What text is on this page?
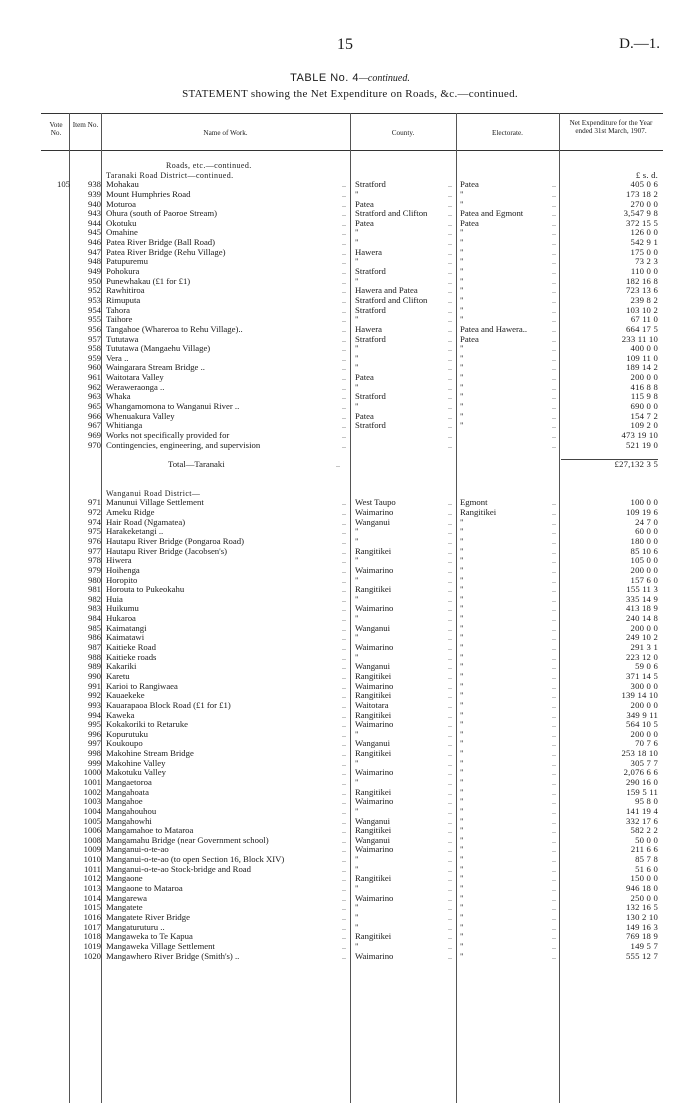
15	D.—1.
TABLE No. 4—continued.
STATEMENT showing the Net Expenditure on Roads, &c.—continued.
Vote No.
Item No.
Name of Work.	County.	Electorate.
Net Expenditure for the Year ended 31st March, 1907.
Roads, etc.—continued.
Taranaki Road District—continued.	£ s. d.
105	938 Mohakau	.. Stratford	.. Patea	..	405 0 6
939 Mount Humphries Road	.. "	.. "	..	173 18 2
940 Moturoa	.. Patea	.. "	..	270 0 0
943 Ohura (south of Paoroe Stream)	.. Stratford and Clifton	.. Patea and Egmont	..	3,547 9 8
944 Okotuku	.. Patea	.. Patea	..	372 15 5
945 Omahine	.. "	.. "	..	126 0 0
946 Patea River Bridge (Ball Road)	.. "	.. "	..	542 9 1
947 Patea River Bridge (Rehu Village)	.. Hawera	.. "	..	175 0 0
948 Patupuremu	.. "	.. "	..	73 2 3
949 Pohokura	.. Stratford	.. "	..	110 0 0
950 Punewhakau (£1 for £1)	.. "	.. "	..	182 16 8
952 Rawhitiroa	.. Hawera and Patea	.. "	..	723 13 6
953 Rimuputa	.. Stratford and Clifton	.. "	..	239 8 2
954 Tahora	.. Stratford	.. "	..	103 10 2
955 Taihore	.. "	.. "	..	67 11 0
956 Tangahoe (Whareroa to Rehu Village)..	.. Hawera	.. Patea and Hawera..	..	664 17 5
957 Tututawa	.. Stratford	.. Patea	..	233 11 10
958 Tututawa (Mangaehu Village)	.. "	.. "	..	400 0 0
959 Vera ..	.. "	.. "	..	109 11 0
960 Waingarara Stream Bridge ..	.. "	.. "	..	189 14 2
961 Waitotara Valley	.. Patea	.. "	..	200 0 0
962 Weraweraonga ..	.. "	.. "	..	416 8 8
963 Whaka	.. Stratford	.. "	..	115 9 8
965 Whangamomona to Wanganui River ..	.. "	.. "	..	690 0 0
966 Whenuakura Valley	.. Patea	.. "	..	154 7 2
967 Whitianga	.. Stratford	.. "	..	109 2 0
969 Works not specifically provided for	..	..	..	473 19 10
970 Contingencies, engineering, and supervision	..	..	..	521 19 0
Total—Taranaki	..	£27,132 3 5
Wanganui Road District—
971 Manunui Village Settlement	.. West Taupo	.. Egmont	..	100 0 0
972 Ameku Ridge	.. Waimarino	.. Rangitikei	..	109 19 6
974 Hair Road (Ngamatea)	.. Wanganui	.. "	..	24 7 0
975 Harakeketangi ..	.. "	.. "	..	60 0 0
976 Hautapu River Bridge (Pongaroa Road)	.. "	.. "	..	180 0 0
977 Hautapu River Bridge (Jacobsen's)	.. Rangitikei	.. "	..	85 10 6
978 Hiwera	.. "	.. "	..	105 0 0
979 Hoihenga	.. Waimarino	.. "	..	200 0 0
980 Horopito	.. "	.. "	..	157 6 0
981 Horouta to Pukeokahu	.. Rangitikei	.. "	..	155 11 3
982 Huia	.. "	.. "	..	335 14 9
983 Huikumu	.. Waimarino	.. "	..	413 18 9
984 Hukaroa	.. "	.. "	..	240 14 8
985 Kaimatangi	.. Wanganui	.. "	..	200 0 0
986 Kaimatawi	.. "	.. "	..	249 10 2
987 Kaitieke Road	.. Waimarino	.. "	..	291 3 1
988 Kaitieke roads	.. "	.. "	..	223 12 0
989 Kakariki	.. Wanganui	.. "	..	59 0 6
990 Karetu	.. Rangitikei	.. "	..	371 14 5
991 Karioi to Rangiwaea	.. Waimarino	.. "	..	300 0 0
992 Kauaekeke	.. Rangitikei	.. "	..	139 14 10
993 Kauarapaoa Block Road (£1 for £1)	.. Waitotara	.. "	..	200 0 0
994 Kaweka	.. Rangitikei	.. "	..	349 9 11
995 Kokakoriki to Retaruke	.. Waimarino	.. "	..	564 10 5
996 Kopurutuku	.. "	.. "	..	200 0 0
997 Koukoupo	.. Wanganui	.. "	..	70 7 6
998 Makohine Stream Bridge	.. Rangitikei	.. "	..	253 18 10
999 Makohine Valley	.. "	.. "	..	305 7 7
1000 Makotuku Valley	.. Waimarino	.. "	..	2,076 6 6
1001 Mangaetoroa	.. "	.. "	..	290 16 0
1002 Mangahoata	.. Rangitikei	.. "	..	159 5 11
1003 Mangahoe	.. Waimarino	.. "	..	95 8 0
1004 Mangahouhou	.. "	.. "	..	141 19 4
1005 Mangahowhi	.. Wanganui	.. "	..	332 17 6
1006 Mangamahoe to Mataroa	.. Rangitikei	.. "	..	582 2 2
1008 Mangamahu Bridge (near Government school)	.. Wanganui	.. "	..	50 0 0
1009 Manganui-o-te-ao	.. Waimarino	.. "	..	211 6 6
1010 Manganui-o-te-ao (to open Section 16, Block XIV)	.. "	.. "	..	85 7 8
1011 Manganui-o-te-ao Stock-bridge and Road	.. "	.. "	..	51 6 0
1012 Mangaone	.. Rangitikei	.. "	..	150 0 0
1013 Mangaone to Mataroa	.. "	.. "	..	946 18 0
1014 Mangarewa	.. Waimarino	.. "	..	250 0 0
1015 Mangatete	.. "	.. "	..	132 16 5
1016 Mangatete River Bridge	.. "	.. "	..	130 2 10
1017 Mangaturuturu ..	.. "	.. "	..	149 16 3
1018 Mangaweka to Te Kapua	.. Rangitikei	.. "	..	769 18 9
1019 Mangaweka Village Settlement	.. "	.. "	..	149 5 7
1020 Mangawhero River Bridge (Smith's) ..	.. Waimarino	.. "	..	555 12 7
